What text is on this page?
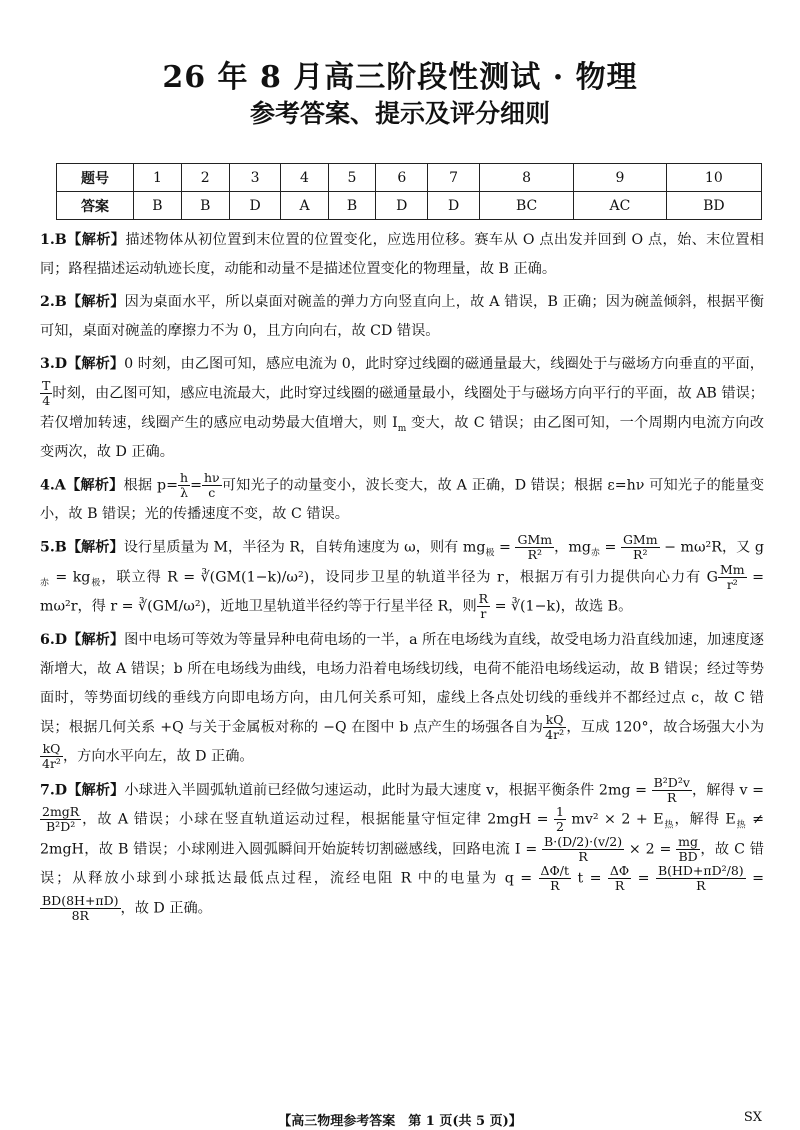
26 年 8 月高三阶段性测试 · 物理
参考答案、提示及评分细则
题号	1	2	3	4	5	6	7	8	9	10
答案	B	B	D	A	B	D	D	BC	AC	BD

1.B【解析】描述物体从初位置到末位置的位置变化，应选用位移。赛车从 O 点出发并回到 O 点，始、末位置相同；路程描述运动轨迹长度，动能和动量不是描述位置变化的物理量，故 B 正确。

2.B【解析】因为桌面水平，所以桌面对碗盖的弹力方向竖直向上，故 A 错误，B 正确；因为碗盖倾斜，根据平衡可知，桌面对碗盖的摩擦力不为 0，且方向向右，故 CD 错误。

3.D【解析】0 时刻，由乙图可知，感应电流为 0，此时穿过线圈的磁通量最大，线圈处于与磁场方向垂直的平面，
$\frac{T}{4}$ 时刻，由乙图可知，感应电流最大，此时穿过线圈的磁通量最小，线圈处于与磁场方向平行的平面，故 AB 错误；若仅增加转速，线圈产生的感应电动势最大值增大，则 $I_m$ 变大，故 C 错误；由乙图可知，一个周期内电流方向改变两次，故 D 正确。

4.A【解析】根据 $p= \frac{h}{\lambda} = \frac{h\nu}{c}$ 可知光子的动量变小，波长变大，故 A 正确，D 错误；根据 ε=hν 可知光子的能量变小，故 B 错误；光的传播速度不变，故 C 错误。

5.B【解析】设行星质量为 M，半径为 R，自转角速度为 ω，则有 $mg_极$ = GMm
R² ，$mg_赤$ = GMm
R² − mω²R，又 $g_赤 = kg_极$，联立得 R = ∛(GM(1−k)/ω²)，设同步卫星的轨道半径为 r，根据万有引力提供向心力有 G $\frac{Mm}{\text{r²}} = m\omega^2r$，得 r = ∛(GM/ω²)，近地卫星轨道半径约等于行星半径 R，则 $\frac{R}{r}$ = ∛(1−k)，故选 B。

6.D【解析】图中电场可等效为等量异种电荷电场的一半，a 所在电场线为直线，故受电场力沿直线加速，加速度逐渐增大，故 A 错误；b 所在电场线为曲线，电场力沿着电场线切线，电荷不能沿电场线运动，故 B 错误；经过等势面时，等势面切线的垂线方向即电场方向，由几何关系可知，虚线上各点处切线的垂线并不都经过点 c，故 C 错误；根据几何关系 +Q 与关于金属板对称的 −Q 在图中 b 点产生的场强各自为 $\frac{kQ}{\text{4r²}}$ ，互成 120°，故合场强大小为
$\frac{kQ}{\text{4r²}}$ ，方向水平向左，故 D 正确。

7.D【解析】小球进入半圆弧轨道前已经做匀速运动，此时为最大速度 v，根据平衡条件 $2mg = \frac{\text{B²D²v}}{R}$ ，解得 v =
2mgR
B²D² ，故 A 错误；小球在竖直轨道运动过程，根据能量守恒定律 $2mgH = \frac{1}{2} mv^2 \times 2 + E_热$，解得 $E_热 \ne 2mgH$，故 B 错误；小球刚进入圆弧瞬间开始旋转切割磁感线，回路电流 $I = \frac{B\cdot(D/2)\cdot(v/2)}{R} \times 2 = \frac{mg}{BD}$ ，故 C 错误；从释放小球到小球抵达最低点过程，流经电阻 R 中的电量为 $q = \frac{\Delta\Phi/t}{R}$ $t = \frac{\Delta\Phi}{R} = \frac{\text{B(HD+πD²/8)}}{R}$ =
$\frac{BD(8H+\pi D)}{8R}$ ，故 D 正确。

【高三物理参考答案　第 1 页(共 5 页)】	SX
